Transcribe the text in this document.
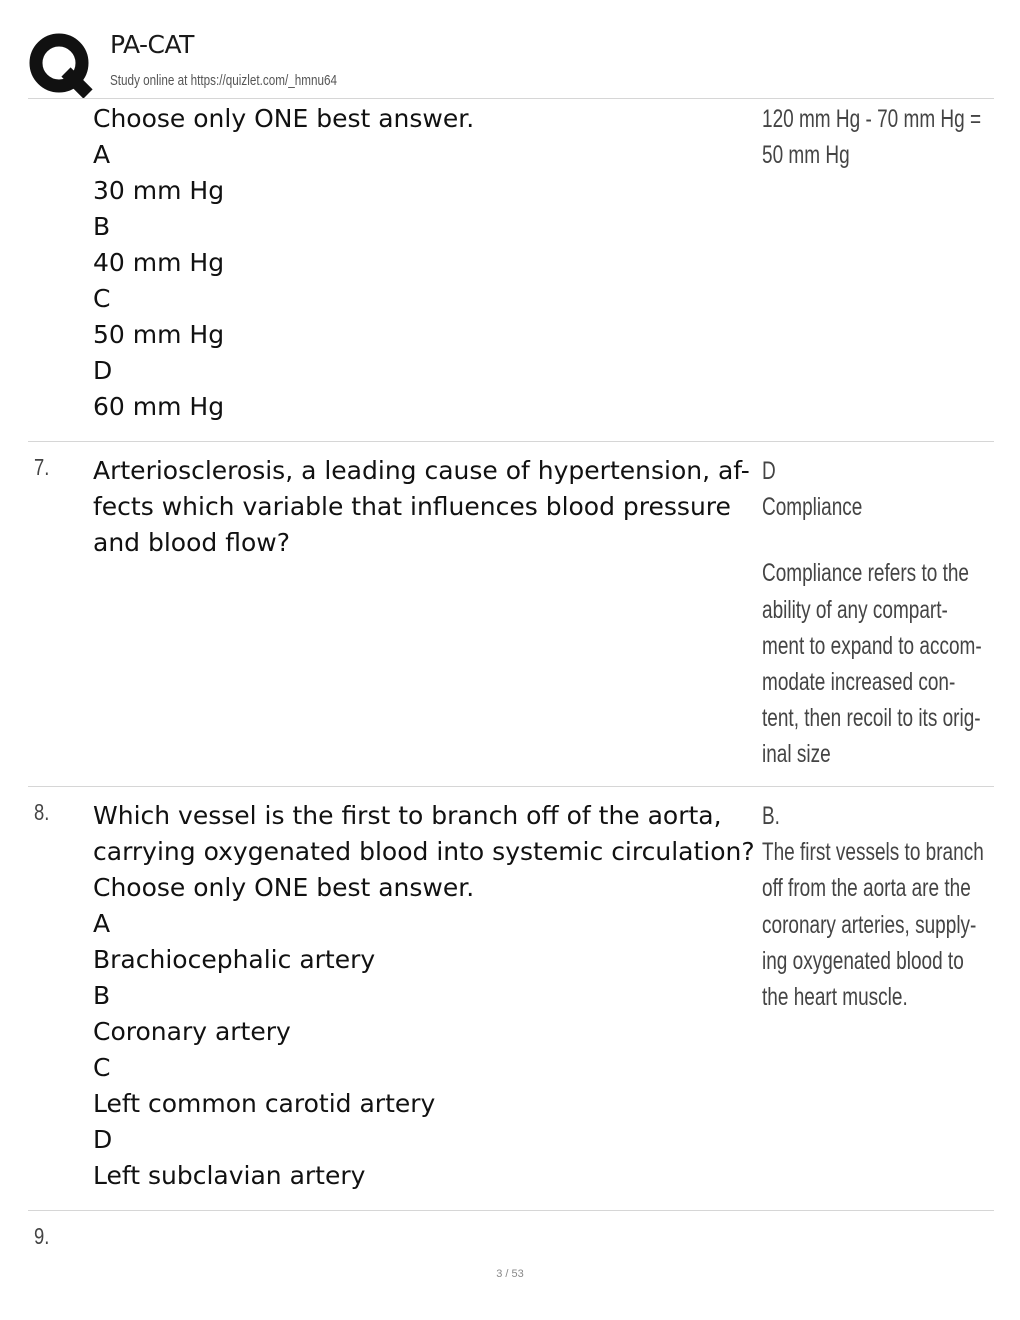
PA-CAT
Study online at https://quizlet.com/_hmnu64
Choose only ONE best answer.
A
30 mm Hg
B
40 mm Hg
C
50 mm Hg
D
60 mm Hg
120 mm Hg - 70 mm Hg =
50 mm Hg
7. Arteriosclerosis, a leading cause of hypertension, af-
fects which variable that influences blood pressure
and blood flow?
D
Compliance
Compliance refers to the
ability of any compart-
ment to expand to accom-
modate increased con-
tent, then recoil to its orig-
inal size
8. Which vessel is the first to branch off of the aorta,
carrying oxygenated blood into systemic circulation?
Choose only ONE best answer.
A
Brachiocephalic artery
B
Coronary artery
C
Left common carotid artery
D
Left subclavian artery
B.
The first vessels to branch
off from the aorta are the
coronary arteries, supply-
ing oxygenated blood to
the heart muscle.
9.
3 / 53
